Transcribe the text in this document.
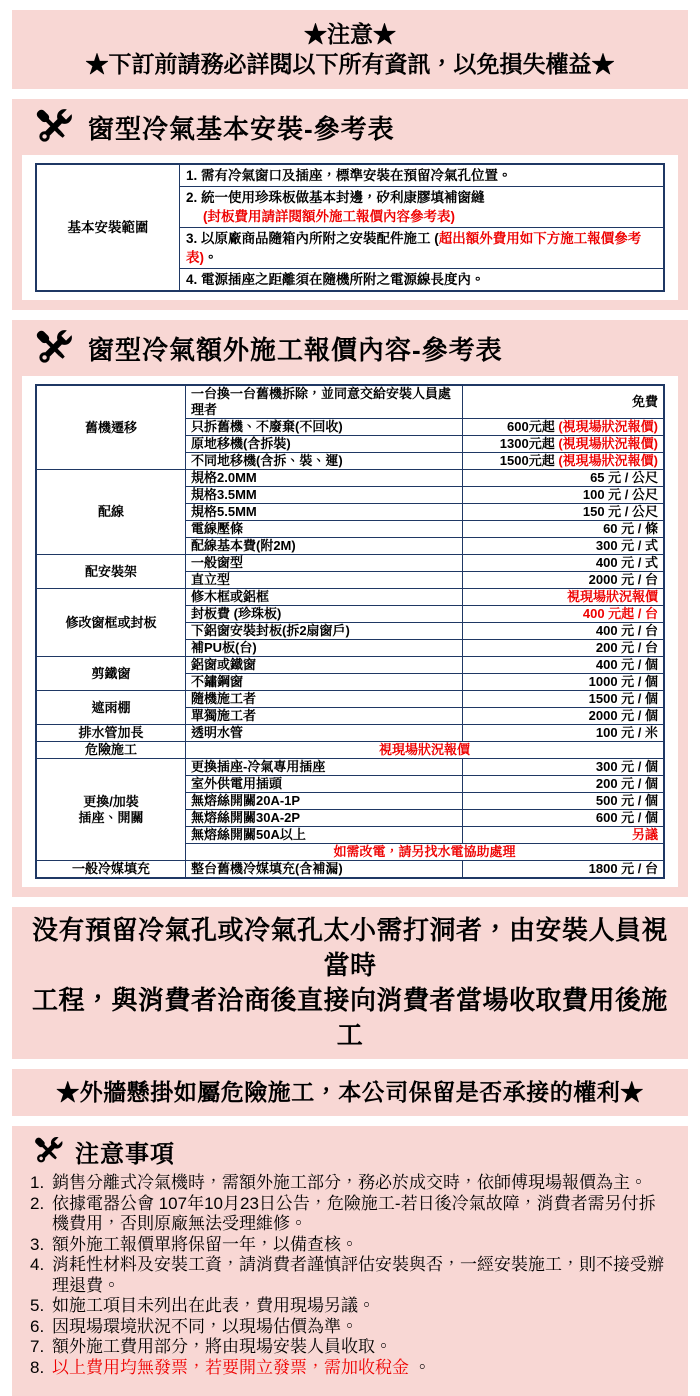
★注意★
★下訂前請務必詳閱以下所有資訊，以免損失權益★
窗型冷氣基本安裝-參考表
基本安裝範圍	
1. 需有冷氣窗口及插座，標準安裝在預留冷氣孔位置。

2. 統一使用珍珠板做基本封邊，矽利康膠填補窗縫
(封板費用請詳閱額外施工報價內容參考表)

3. 以原廠商品隨箱內所附之安裝配件施工 (超出額外費用如下方施工報價參考表)。

4. 電源插座之距離須在隨機所附之電源線長度內。
窗型冷氣額外施工報價內容-參考表
舊機遷移	一台換一台舊機拆除，並同意交給安裝人員處理者	免費
	只拆舊機、不廢棄(不回收)	600元起 (視現場狀況報價)
	原地移機(含拆裝)	1300元起 (視現場狀況報價)
	不同地移機(含拆、裝、運)	1500元起 (視現場狀況報價)
配線	規格2.0MM	65 元 / 公尺
	規格3.5MM	100 元 / 公尺
	規格5.5MM	150 元 / 公尺
	電線壓條	60 元 / 條
	配線基本費(附2M)	300 元 / 式
配安裝架	一般窗型	400 元 / 式
	直立型	2000 元 / 台
修改窗框或封板	修木框或鋁框	視現場狀況報價
	封板費 (珍珠板)	400 元起 / 台
	下鋁窗安裝封板(拆2扇窗戶)	400 元 / 台
	補PU板(台)	200 元 / 台
剪鐵窗	鋁窗或鐵窗	400 元 / 個
	不鏽鋼窗	1000 元 / 個
遮雨棚	隨機施工者	1500 元 / 個
	單獨施工者	2000 元 / 個
排水管加長	透明水管	100 元 / 米
危險施工	視現場狀況報價	
更換/加裝
插座、開關	更換插座-冷氣專用插座	300 元 / 個
	室外供電用插頭	200 元 / 個
	無熔絲開關20A-1P	500 元 / 個
	無熔絲開關30A-2P	600 元 / 個
	無熔絲開關50A以上	另議
	如需改電，請另找水電協助處理	
一般冷媒填充	整台舊機冷媒填充(含補漏)	1800 元 / 台
没有預留冷氣孔或冷氣孔太小需打洞者，由安裝人員視當時
工程，與消費者洽商後直接向消費者當場收取費用後施工
★外牆懸掛如屬危險施工，本公司保留是否承接的權利★
注意事項
1. 銷售分離式冷氣機時，需額外施工部分，務必於成交時，依師傅現場報價為主。
2. 依據電器公會 107年10月23日公告，危險施工-若日後冷氣故障，消費者需另付拆機費用，否則原廠無法受理維修。
3. 額外施工報價單將保留一年，以備查核。
4. 消耗性材料及安裝工資，請消費者謹慎評估安裝與否，一經安裝施工，則不接受辦理退費。
5. 如施工項目未列出在此表，費用現場另議。
6. 因現場環境狀況不同，以現場估價為準。
7. 額外施工費用部分，將由現場安裝人員收取。
8. 以上費用均無發票，若要開立發票，需加收稅金 。
